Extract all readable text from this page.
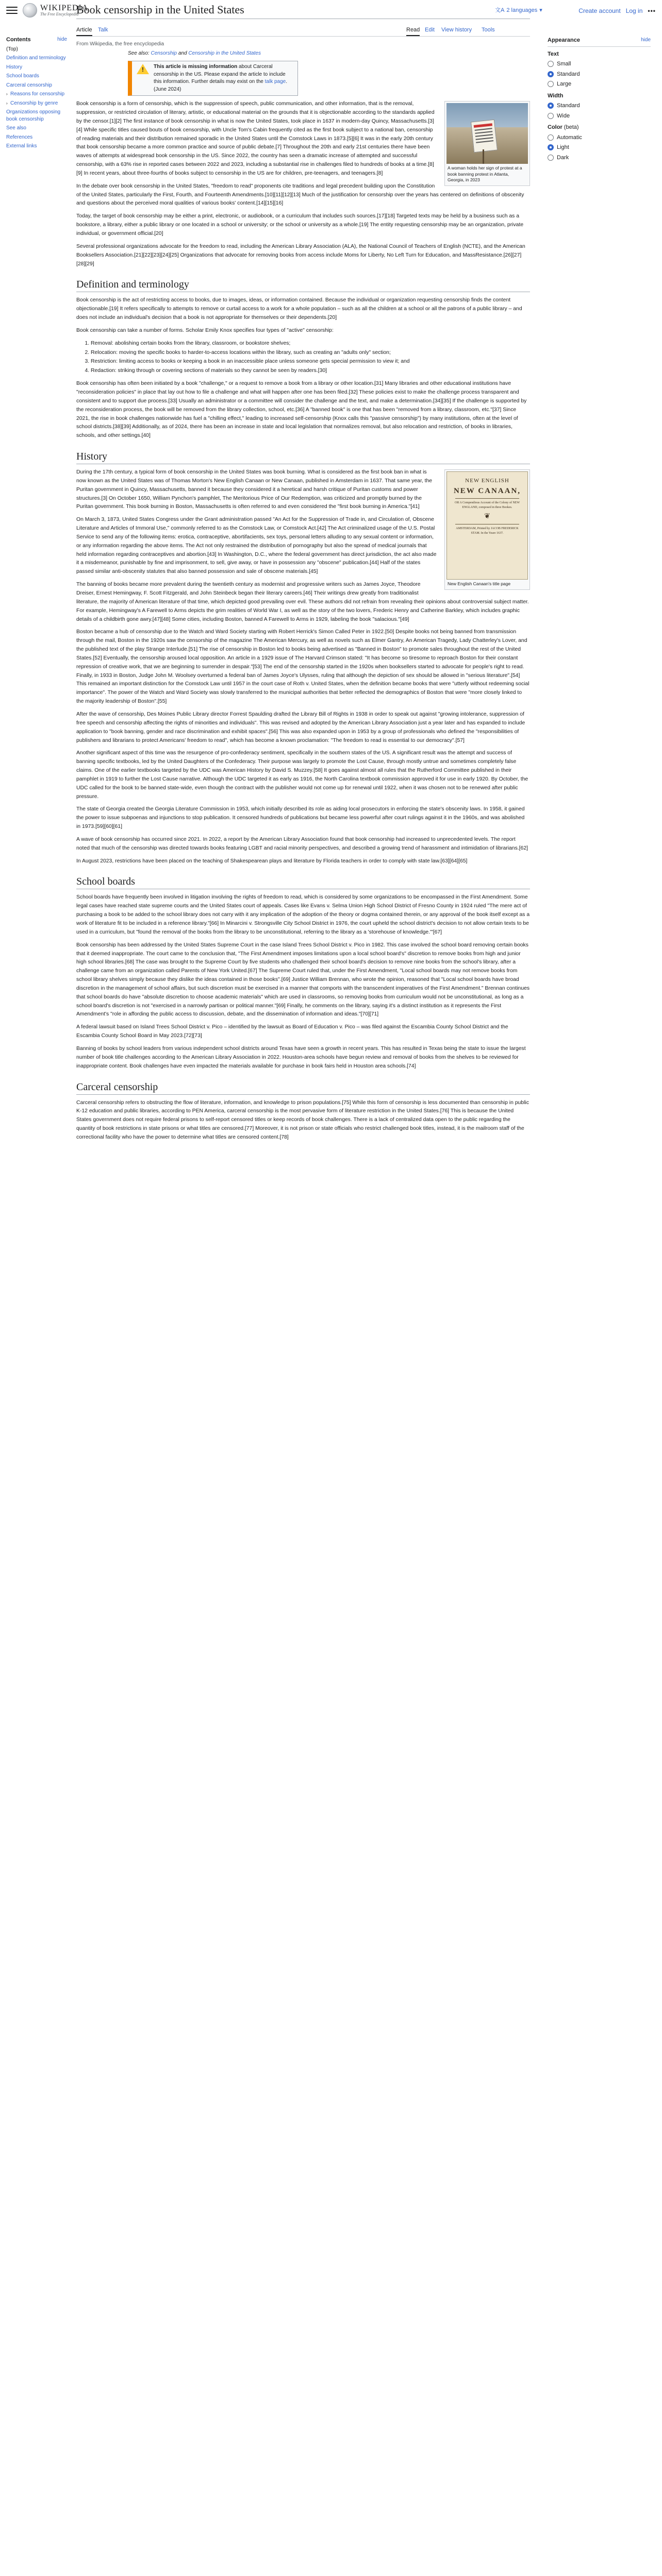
WIKIPEDIA
The Free Encyclopedia	Create account Log in •••
Book censorship in the United States	文A 2 languages ▾
Article Talk	Read Edit View history Tools
From Wikipedia, the free encyclopedia
Contents	hide
(Top)
Definition and terminology
History
School boards
Carceral censorship
› Reasons for censorship
› Censorship by genre
Organizations opposing book censorship
See also
References
External links
Appearance	hide
Text
Small
Standard
Large
Width
Standard
Wide
Color (beta)
Automatic
Light
Dark
See also: Censorship and Censorship in the United States
! This article is missing information about Carceral censorship in the US. Please expand the article to include this information. Further details may exist on the talk page. (June 2024)
A woman holds her sign of protest at a book banning protest in Atlanta, Georgia, in 2023

Book censorship is a form of censorship, which is the suppression of speech, public communication, and other information, that is the removal, suppression, or restricted circulation of literary, artistic, or educational material on the grounds that it is objectionable according to the standards applied by the censor.[1][2] The first instance of book censorship in what is now the United States, took place in 1637 in modern-day Quincy, Massachusetts.[3][4] While specific titles caused bouts of book censorship, with Uncle Tom's Cabin frequently cited as the first book subject to a national ban, censorship of reading materials and their distribution remained sporadic in the United States until the Comstock Laws in 1873.[5][6] It was in the early 20th century that book censorship became a more common practice and source of public debate.[7] Throughout the 20th and early 21st centuries there have been waves of attempts at widespread book censorship in the US. Since 2022, the country has seen a dramatic increase of attempted and successful censorship, with a 63% rise in reported cases between 2022 and 2023, including a substantial rise in challenges filed to hundreds of books at a time.[8][9] In recent years, about three-fourths of books subject to censorship in the US are for children, pre-teenagers, and teenagers.[8]

In the debate over book censorship in the United States, "freedom to read" proponents cite traditions and legal precedent building upon the Constitution of the United States, particularly the First, Fourth, and Fourteenth Amendments.[10][11][12][13] Much of the justification for censorship over the years has centered on definitions of obscenity and questions about the perceived moral qualities of various books' content.[14][15][16]

Today, the target of book censorship may be either a print, electronic, or audiobook, or a curriculum that includes such sources.[17][18] Targeted texts may be held by a business such as a bookstore, a library, either a public library or one located in a school or university; or the school or university as a whole.[19] The entity requesting censorship may be an organization, private individual, or government official.[20]

Several professional organizations advocate for the freedom to read, including the American Library Association (ALA), the National Council of Teachers of English (NCTE), and the American Booksellers Association.[21][22][23][24][25] Organizations that advocate for removing books from access include Moms for Liberty, No Left Turn for Education, and MassResistance.[26][27][28][29]

Definition and terminology

Book censorship is the act of restricting access to books, due to images, ideas, or information contained. Because the individual or organization requesting censorship finds the content objectionable.[19] It refers specifically to attempts to remove or curtail access to a work for a whole population – such as all the children at a school or all the patrons of a public library – and does not include an individual's decision that a book is not appropriate for themselves or their dependents.[20]

Book censorship can take a number of forms. Scholar Emily Knox specifies four types of "active" censorship:

1. Removal: abolishing certain books from the library, classroom, or bookstore shelves;
2. Relocation: moving the specific books to harder-to-access locations within the library, such as creating an "adults only" section;
3. Restriction: limiting access to books or keeping a book in an inaccessible place unless someone gets special permission to view it; and
4. Redaction: striking through or covering sections of materials so they cannot be seen by readers.[30]

Book censorship has often been initiated by a book "challenge," or a request to remove a book from a library or other location.[31] Many libraries and other educational institutions have "reconsideration policies" in place that lay out how to file a challenge and what will happen after one has been filed.[32] These policies exist to make the challenge process transparent and consistent and to support due process.[33] Usually an administrator or a committee will consider the challenge and the text, and make a determination.[34][35] If the challenge is supported by the reconsideration process, the book will be removed from the library collection, school, etc.[36] A "banned book" is one that has been "removed from a library, classroom, etc."[37] Since 2021, the rise in book challenges nationwide has fuel a "chilling effect," leading to increased self-censorship (Knox calls this "passive censorship") by many institutions, often at the level of school districts.[38][39] Additionally, as of 2024, there has been an increase in state and local legislation that normalizes removal, but also relocation and restriction, of books in libraries, schools, and other settings.[40]

History
NEW ENGLISH
NEW CANAAN,
OR A Compendious Account of the Colony of NEW ENGLAND, composed in three Bookes.
❦
AMSTERDAM, Printed by JACOB FREDERICK STAM. In the Yeare 1637.
New English Canaan's title page

During the 17th century, a typical form of book censorship in the United States was book burning. What is considered as the first book ban in what is now known as the United States was of Thomas Morton's New English Canaan or New Canaan, published in Amsterdam in 1637. That same year, the Puritan government in Quincy, Massachusetts, banned it because they considered it a heretical and harsh critique of Puritan customs and power structures.[3] On October 1650, William Pynchon's pamphlet, The Meritorious Price of Our Redemption, was criticized and promptly burned by the Puritan government. This book burning in Boston, Massachusetts is often referred to and even considered the "first book burning in America."[41]

On March 3, 1873, United States Congress under the Grant administration passed "An Act for the Suppression of Trade in, and Circulation of, Obscene Literature and Articles of Immoral Use," commonly referred to as the Comstock Law, or Comstock Act.[42] The Act criminalized usage of the U.S. Postal Service to send any of the following items: erotica, contraceptive, abortifacients, sex toys, personal letters alluding to any sexual content or information, or any information regarding the above items. The Act not only restrained the distribution of pornography but also the spread of medical journals that held information regarding contraceptives and abortion.[43] In Washington, D.C., where the federal government has direct jurisdiction, the act also made it a misdemeanor, punishable by fine and imprisonment, to sell, give away, or have in possession any "obscene" publication.[44] Half of the states passed similar anti-obscenity statutes that also banned possession and sale of obscene materials.[45]

The banning of books became more prevalent during the twentieth century as modernist and progressive writers such as James Joyce, Theodore Dreiser, Ernest Hemingway, F. Scott Fitzgerald, and John Steinbeck began their literary careers.[46] Their writings drew greatly from traditionalist literature, the majority of American literature of that time, which depicted good prevailing over evil. These authors did not refrain from revealing their opinions about controversial subject matter. For example, Hemingway's A Farewell to Arms depicts the grim realities of World War I, as well as the story of the two lovers, Frederic Henry and Catherine Barkley, which includes graphic details of a childbirth gone awry.[47][48] Some cities, including Boston, banned A Farewell to Arms in 1929, labeling the book "salacious."[49]

Boston became a hub of censorship due to the Watch and Ward Society starting with Robert Herrick's Simon Called Peter in 1922.[50] Despite books not being banned from transmission through the mail, Boston in the 1920s saw the censorship of the magazine The American Mercury, as well as novels such as Elmer Gantry, An American Tragedy, Lady Chatterley's Lover, and the published text of the play Strange Interlude.[51] The rise of censorship in Boston led to books being advertised as "Banned in Boston" to promote sales throughout the rest of the United States.[52] Eventually, the censorship aroused local opposition. An article in a 1929 issue of The Harvard Crimson stated: "It has become so tiresome to reproach Boston for their constant repression of creative work, that we are beginning to surrender in despair."[53] The end of the censorship started in the 1920s when booksellers started to advocate for people's right to read. Finally, in 1933 in Boston, Judge John M. Woolsey overturned a federal ban of James Joyce's Ulysses, ruling that although the depiction of sex should be allowed in "serious literature".[54] This remained an important distinction for the Comstock Law until 1957 in the court case of Roth v. United States, when the definition became books that were "utterly without redeeming social importance". The power of the Watch and Ward Society was slowly transferred to the municipal authorities that better reflected the demographics of Boston that were "more closely linked to the majority leadership of Boston".[55]

After the wave of censorship, Des Moines Public Library director Forrest Spaulding drafted the Library Bill of Rights in 1938 in order to speak out against "growing intolerance, suppression of free speech and censorship affecting the rights of minorities and individuals". This was revised and adopted by the American Library Association just a year later and has expanded to include application to "book banning, gender and race discrimination and exhibit spaces".[56] This was also expanded upon in 1953 by a group of professionals who defined the "responsibilities of publishers and librarians to protect Americans' freedom to read", which has become a known proclamation: "The freedom to read is essential to our democracy".[57]

Another significant aspect of this time was the resurgence of pro-confederacy sentiment, specifically in the southern states of the US. A significant result was the attempt and success of banning specific textbooks, led by the United Daughters of the Confederacy. Their purpose was largely to promote the Lost Cause, through mostly untrue and sometimes completely false claims. One of the earlier textbooks targeted by the UDC was American History by David S. Muzzey.[58] It goes against almost all rules that the Rutherford Committee published in their pamphlet in 1919 to further the Lost Cause narrative. Although the UDC targeted it as early as 1916, the North Carolina textbook commission approved it for use in early 1920. By October, the UDC called for the book to be banned state-wide, even though the contract with the publisher would not come up for renewal until 1922, when it was chosen not to be renewed after public pressure.

The state of Georgia created the Georgia Literature Commission in 1953, which initially described its role as aiding local prosecutors in enforcing the state's obscenity laws. In 1958, it gained the power to issue subpoenas and injunctions to stop publication. It censored hundreds of publications but became less powerful after court rulings against it in the 1960s, and was abolished in 1973.[59][60][61]

A wave of book censorship has occurred since 2021. In 2022, a report by the American Library Association found that book censorship had increased to unprecedented levels. The report noted that much of the censorship was directed towards books featuring LGBT and racial minority perspectives, and described a growing trend of harassment and intimidation of librarians.[62]

In August 2023, restrictions have been placed on the teaching of Shakespearean plays and literature by Florida teachers in order to comply with state law.[63][64][65]

School boards

School boards have frequently been involved in litigation involving the rights of freedom to read, which is considered by some organizations to be encompassed in the First Amendment. Some legal cases have reached state supreme courts and the United States court of appeals. Cases like Evans v. Selma Union High School District of Fresno County in 1924 ruled "The mere act of purchasing a book to be added to the school library does not carry with it any implication of the adoption of the theory or dogma contained therein, or any approval of the book itself except as a work of literature fit to be included in a reference library."[66] In Minarcini v. Strongsville City School District in 1976, the court upheld the school district's decision to not allow certain texts to be used in a curriculum, but "found the removal of the books from the library to be unconstitutional, referring to the library as a 'storehouse of knowledge.'"[67]

Book censorship has been addressed by the United States Supreme Court in the case Island Trees School District v. Pico in 1982. This case involved the school board removing certain books that it deemed inappropriate. The court came to the conclusion that, "The First Amendment imposes limitations upon a local school board's" discretion to remove books from high and junior high school libraries.[68] The case was brought to the Supreme Court by five students who challenged their school board's decision to remove nine books from the school's library, after a challenge came from an organization called Parents of New York United.[67] The Supreme Court ruled that, under the First Amendment, "Local school boards may not remove books from school library shelves simply because they dislike the ideas contained in those books".[69] Justice William Brennan, who wrote the opinion, reasoned that "Local school boards have broad discretion in the management of school affairs, but such discretion must be exercised in a manner that comports with the transcendent imperatives of the First Amendment." Brennan continues that school boards do have "absolute discretion to choose academic materials" which are used in classrooms, so removing books from curriculum would not be unconstitutional, as long as a school board's discretion is not "exercised in a narrowly partisan or political manner."[69] Finally, he comments on the library, saying it's a distinct institution as it represents the First Amendment's "role in affording the public access to discussion, debate, and the dissemination of information and ideas."[70][71]

A federal lawsuit based on Island Trees School District v. Pico – identified by the lawsuit as Board of Education v. Pico – was filed against the Escambia County School District and the Escambia County School Board in May 2023.[72][73]

Banning of books by school leaders from various independent school districts around Texas have seen a growth in recent years. This has resulted in Texas being the state to issue the largest number of book title challenges according to the American Library Association in 2022. Houston-area schools have begun review and removal of books from the shelves to be reviewed for inappropriate content. Book challenges have even impacted the materials available for purchase in book fairs held in Houston area schools.[74]

Carceral censorship

Carceral censorship refers to obstructing the flow of literature, information, and knowledge to prison populations.[75] While this form of censorship is less documented than censorship in public K-12 education and public libraries, according to PEN America, carceral censorship is the most pervasive form of literature restriction in the United States.[76] This is because the United States government does not require federal prisons to self-report censored titles or keep records of book challenges. There is a lack of centralized data open to the public regarding the quantity of book restrictions in state prisons or what titles are censored.[77] Moreover, it is not prison or state officials who restrict challenged book titles, instead, it is the mailroom staff of the correctional facility who have the power to determine what titles are censored content.[78]
